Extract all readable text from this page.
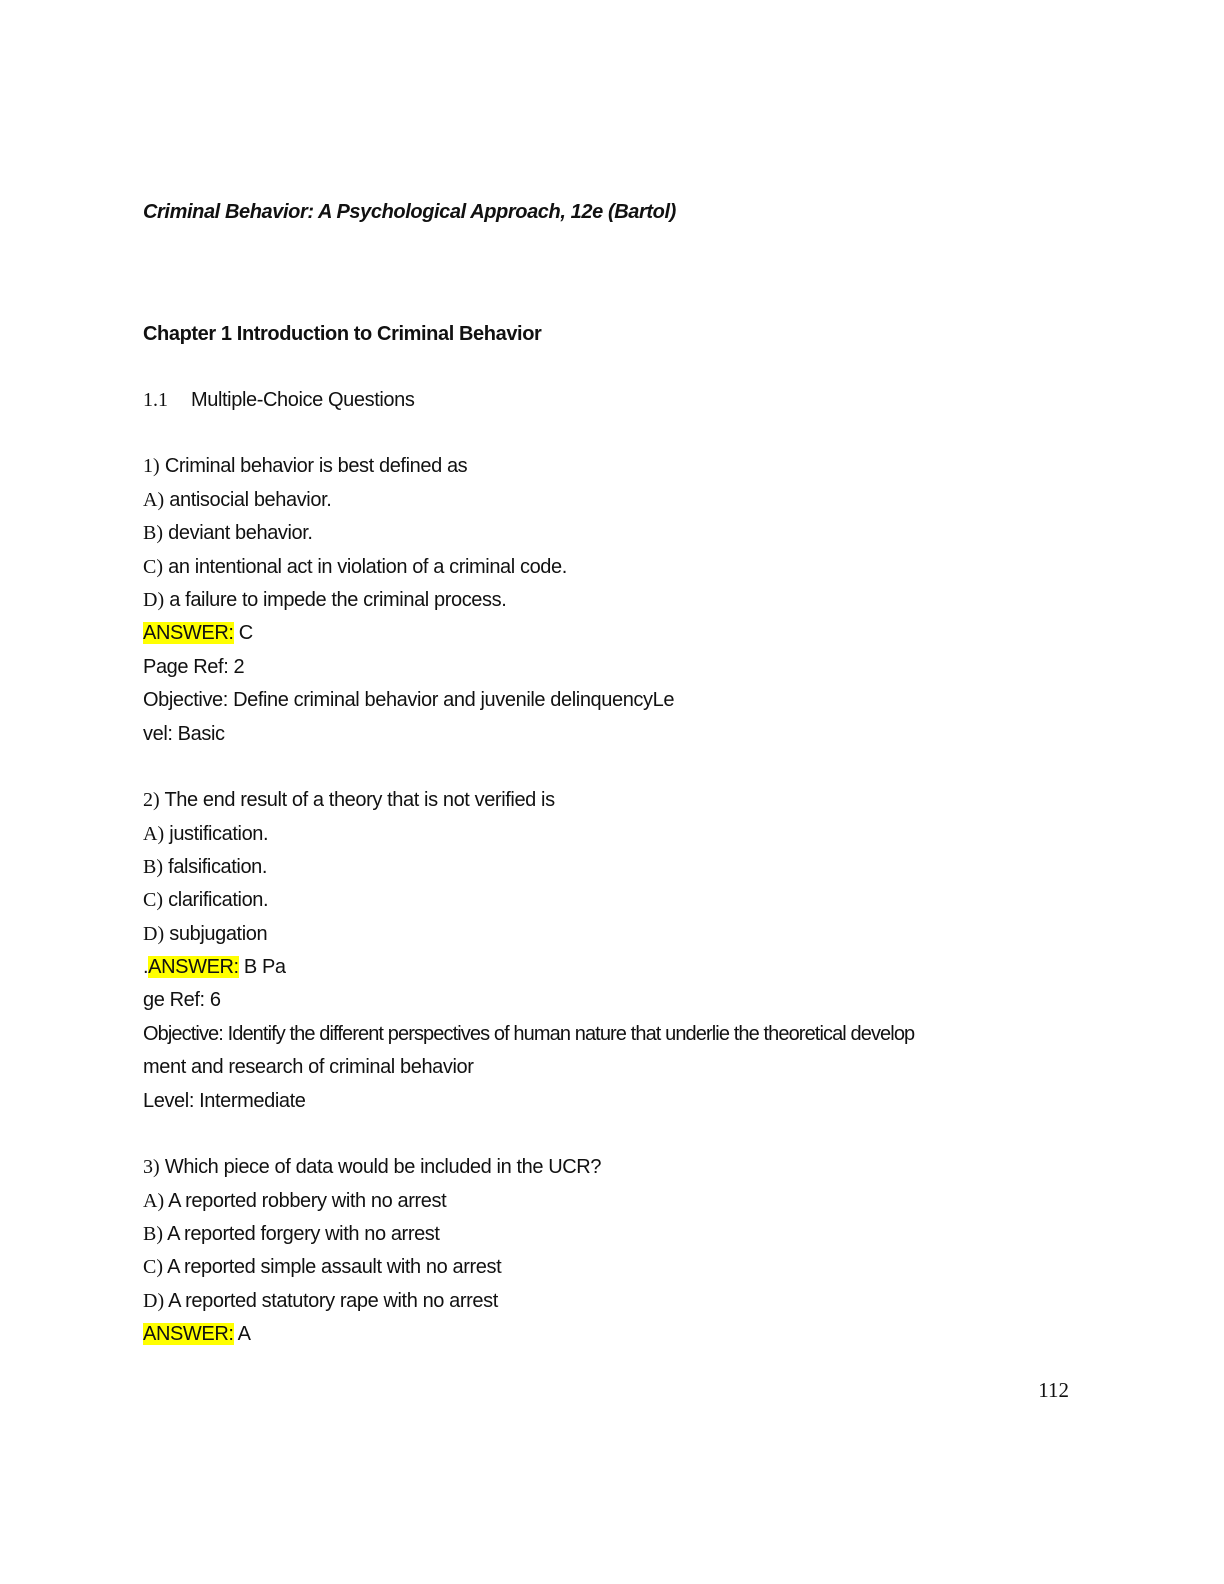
Criminal Behavior: A Psychological Approach, 12e (Bartol)
Chapter 1 Introduction to Criminal Behavior
1.1 Multiple-Choice Questions
1) Criminal behavior is best defined as
A) antisocial behavior.
B) deviant behavior.
C) an intentional act in violation of a criminal code.
D) a failure to impede the criminal process.
ANSWER: C
Page Ref: 2
Objective: Define criminal behavior and juvenile delinquencyLe
vel: Basic
2) The end result of a theory that is not verified is
A) justification.
B) falsification.
C) clarification.
D) subjugation
.ANSWER: B Pa
ge Ref: 6
Objective: Identify the different perspectives of human nature that underlie the theoretical develop
ment and research of criminal behavior
Level: Intermediate
3) Which piece of data would be included in the UCR?
A) A reported robbery with no arrest
B) A reported forgery with no arrest
C) A reported simple assault with no arrest
D) A reported statutory rape with no arrest
ANSWER: A
112
